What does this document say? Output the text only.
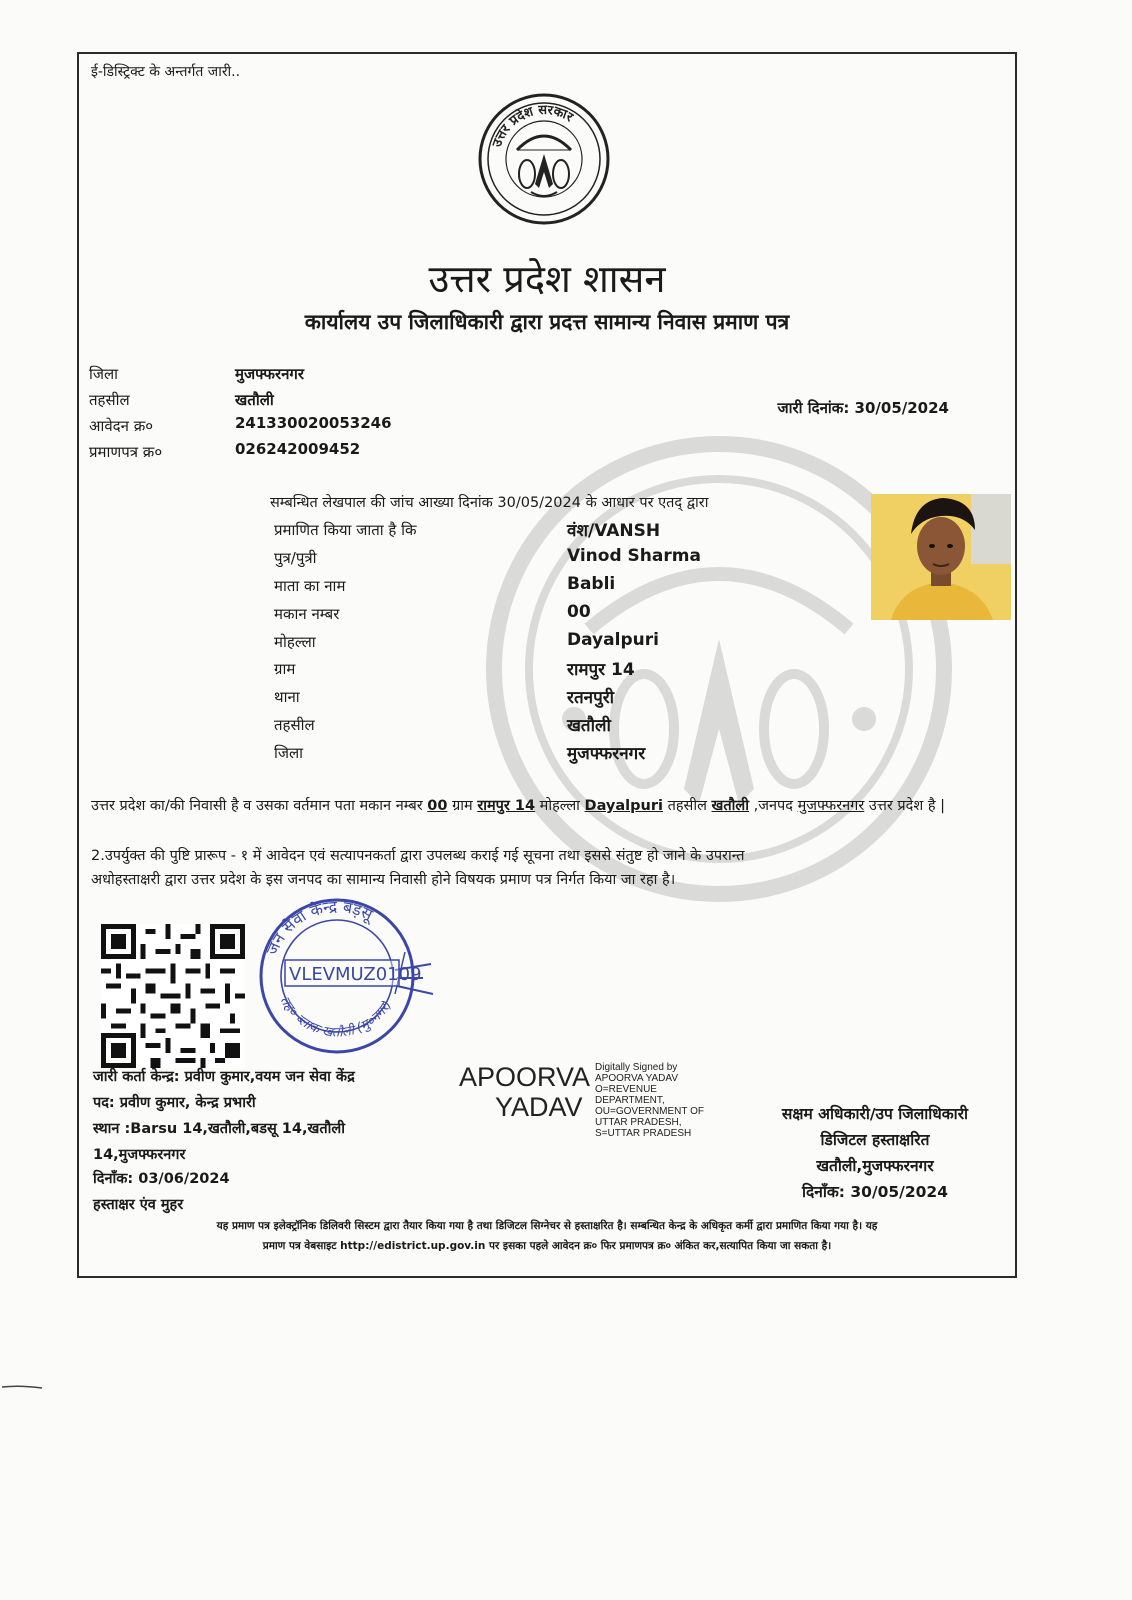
ई-डिस्ट्रिक्ट के अन्तर्गत जारी..
उत्तर प्रदेश सरकार
उत्तर प्रदेश शासन
कार्यालय उप जिलाधिकारी द्वारा प्रदत्त सामान्य निवास प्रमाण पत्र
जिला	मुजफ्फरनगर
तहसील	खतौली
आवेदन क्र०	241330020053246
प्रमाणपत्र क्र०	026242009452
जारी दिनांक: 30/05/2024
सम्बन्धित लेखपाल की जांच आख्या दिनांक 30/05/2024 के आधार पर एतद् द्वारा
प्रमाणित किया जाता है कि	वंश/VANSH
पुत्र/पुत्री	Vinod Sharma
माता का नाम	Babli
मकान नम्बर	00
मोहल्ला	Dayalpuri
ग्राम	रामपुर 14
थाना	रतनपुरी
तहसील	खतौली
जिला	मुजफ्फरनगर
उत्तर प्रदेश का/की निवासी है व उसका वर्तमान पता मकान नम्बर 00 ग्राम रामपुर 14 मोहल्ला Dayalpuri तहसील खतौली ,जनपद मुजफ्फरनगर उत्तर प्रदेश है |
2.उपर्युक्त की पुष्टि प्रारूप - १ में आवेदन एवं सत्यापनकर्ता द्वारा उपलब्ध कराई गई सूचना तथा इससे संतुष्ट हो जाने के उपरान्त
अधोहस्ताक्षरी द्वारा उत्तर प्रदेश के इस जनपद का सामान्य निवासी होने विषयक प्रमाण पत्र निर्गत किया जा रहा है।
जन सेवा केन्द्र बड़सू
तह० ब्लाक खतौली (मु०नगर)
VLEVMUZ0109
जारी कर्ता केन्द्र: प्रवीण कुमार,वयम जन सेवा केंद्र
पद: प्रवीण कुमार, केन्द्र प्रभारी
स्थान :Barsu 14,खतौली,बडसू 14,खतौली
14,मुजफ्फरनगर
दिनाँक: 03/06/2024
हस्ताक्षर एंव मुहर
APOORVA
YADAV
Digitally Signed by
APOORVA YADAV
O=REVENUE
DEPARTMENT,
OU=GOVERNMENT OF
UTTAR PRADESH,
S=UTTAR PRADESH
सक्षम अधिकारी/उप जिलाधिकारी
डिजिटल हस्ताक्षरित
खतौली,मुजफ्फरनगर
दिनाँक: 30/05/2024
यह प्रमाण पत्र इलेक्ट्रॉनिक डिलिवरी सिस्टम द्वारा तैयार किया गया है तथा डिजिटल सिग्नेचर से हस्ताक्षरित है। सम्बन्धित केन्द्र के अधिकृत कर्मी द्वारा प्रमाणित किया गया है। यह
प्रमाण पत्र वेबसाइट http://edistrict.up.gov.in पर इसका पहले आवेदन क्र० फिर प्रमाणपत्र क्र० अंकित कर,सत्यापित किया जा सकता है।
